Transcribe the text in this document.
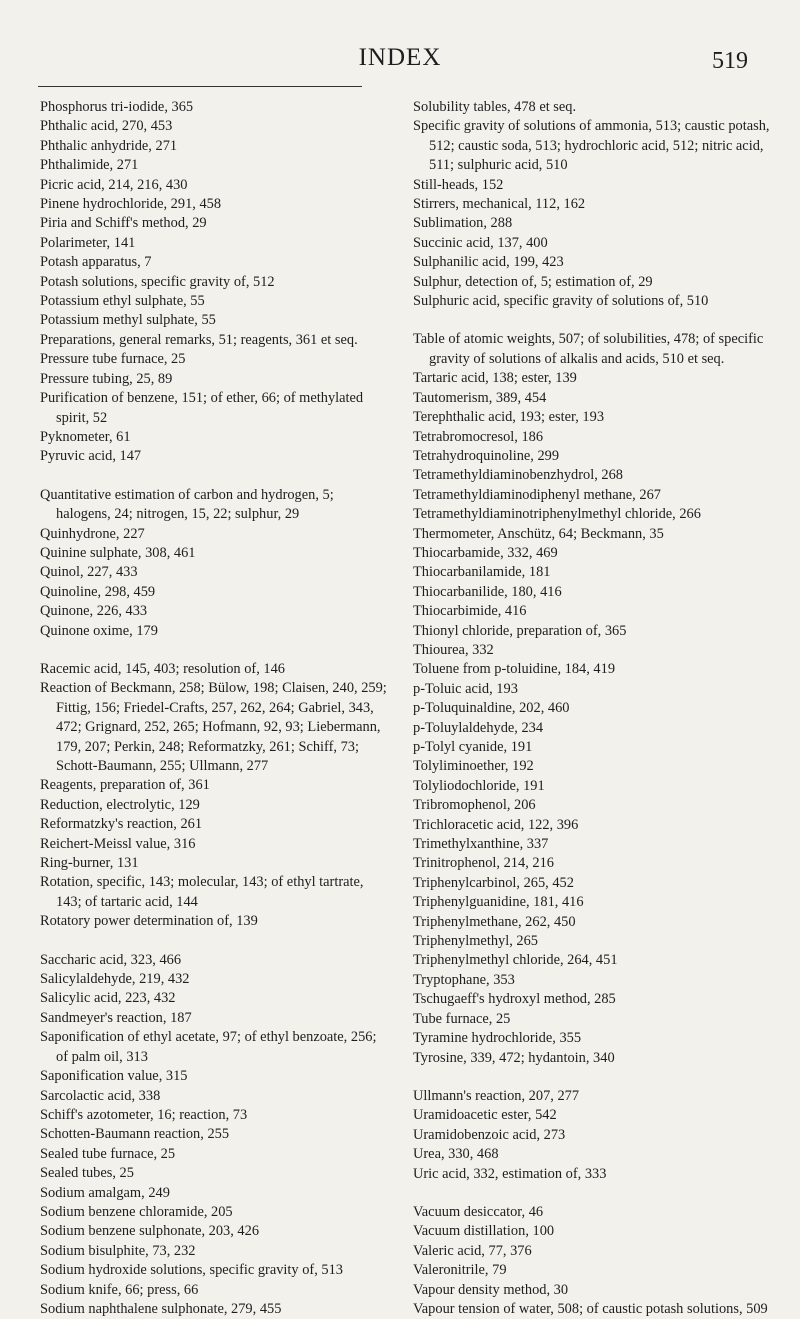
INDEX	519
Phosphorus tri-iodide, 365
Phthalic acid, 270, 453
Phthalic anhydride, 271
Phthalimide, 271
Picric acid, 214, 216, 430
Pinene hydrochloride, 291, 458
Piria and Schiff's method, 29
Polarimeter, 141
Potash apparatus, 7
Potash solutions, specific gravity of, 512
Potassium ethyl sulphate, 55
Potassium methyl sulphate, 55
Preparations, general remarks, 51; reagents, 361 et seq.
Pressure tube furnace, 25
Pressure tubing, 25, 89
Purification of benzene, 151; of ether, 66; of methylated spirit, 52
Pyknometer, 61
Pyruvic acid, 147
Quantitative estimation of carbon and hydrogen, 5; halogens, 24; nitrogen, 15, 22; sulphur, 29
Quinhydrone, 227
Quinine sulphate, 308, 461
Quinol, 227, 433
Quinoline, 298, 459
Quinone, 226, 433
Quinone oxime, 179
Racemic acid, 145, 403; resolution of, 146
Reaction of Beckmann, 258; Bülow, 198; Claisen, 240, 259; Fittig, 156; Friedel-Crafts, 257, 262, 264; Gabriel, 343, 472; Grignard, 252, 265; Hofmann, 92, 93; Liebermann, 179, 207; Perkin, 248; Reformatzky, 261; Schiff, 73; Schott-Baumann, 255; Ullmann, 277
Reagents, preparation of, 361
Reduction, electrolytic, 129
Reformatzky's reaction, 261
Reichert-Meissl value, 316
Ring-burner, 131
Rotation, specific, 143; molecular, 143; of ethyl tartrate, 143; of tartaric acid, 144
Rotatory power determination of, 139
Saccharic acid, 323, 466
Salicylaldehyde, 219, 432
Salicylic acid, 223, 432
Sandmeyer's reaction, 187
Saponification of ethyl acetate, 97; of ethyl benzoate, 256; of palm oil, 313
Saponification value, 315
Sarcolactic acid, 338
Schiff's azotometer, 16; reaction, 73
Schotten-Baumann reaction, 255
Sealed tube furnace, 25
Sealed tubes, 25
Sodium amalgam, 249
Sodium benzene chloramide, 205
Sodium benzene sulphonate, 203, 426
Sodium bisulphite, 73, 232
Sodium hydroxide solutions, specific gravity of, 513
Sodium knife, 66; press, 66
Sodium naphthalene sulphonate, 279, 455
Solubility tables, 478 et seq.
Specific gravity of solutions of ammonia, 513; caustic potash, 512; caustic soda, 513; hydrochloric acid, 512; nitric acid, 511; sulphuric acid, 510
Still-heads, 152
Stirrers, mechanical, 112, 162
Sublimation, 288
Succinic acid, 137, 400
Sulphanilic acid, 199, 423
Sulphur, detection of, 5; estimation of, 29
Sulphuric acid, specific gravity of solutions of, 510
Table of atomic weights, 507; of solubilities, 478; of specific gravity of solutions of alkalis and acids, 510 et seq.
Tartaric acid, 138; ester, 139
Tautomerism, 389, 454
Terephthalic acid, 193; ester, 193
Tetrabromocresol, 186
Tetrahydroquinoline, 299
Tetramethyldiaminobenzhydrol, 268
Tetramethyldiaminodiphenyl methane, 267
Tetramethyldiaminotriphenylmethyl chloride, 266
Thermometer, Anschütz, 64; Beckmann, 35
Thiocarbamide, 332, 469
Thiocarbanilamide, 181
Thiocarbanilide, 180, 416
Thiocarbimide, 416
Thionyl chloride, preparation of, 365
Thiourea, 332
Toluene from p-toluidine, 184, 419
p-Toluic acid, 193
p-Toluquinaldine, 202, 460
p-Toluylaldehyde, 234
p-Tolyl cyanide, 191
Tolyliminoether, 192
Tolyliodochloride, 191
Tribromophenol, 206
Trichloracetic acid, 122, 396
Trimethylxanthine, 337
Trinitrophenol, 214, 216
Triphenylcarbinol, 265, 452
Triphenylguanidine, 181, 416
Triphenylmethane, 262, 450
Triphenylmethyl, 265
Triphenylmethyl chloride, 264, 451
Tryptophane, 353
Tschugaeff's hydroxyl method, 285
Tube furnace, 25
Tyramine hydrochloride, 355
Tyrosine, 339, 472; hydantoin, 340
Ullmann's reaction, 207, 277
Uramidoacetic ester, 542
Uramidobenzoic acid, 273
Urea, 330, 468
Uric acid, 332, estimation of, 333
Vacuum desiccator, 46
Vacuum distillation, 100
Valeric acid, 77, 376
Valeronitrile, 79
Vapour density method, 30
Vapour tension of water, 508; of caustic potash solutions, 509
